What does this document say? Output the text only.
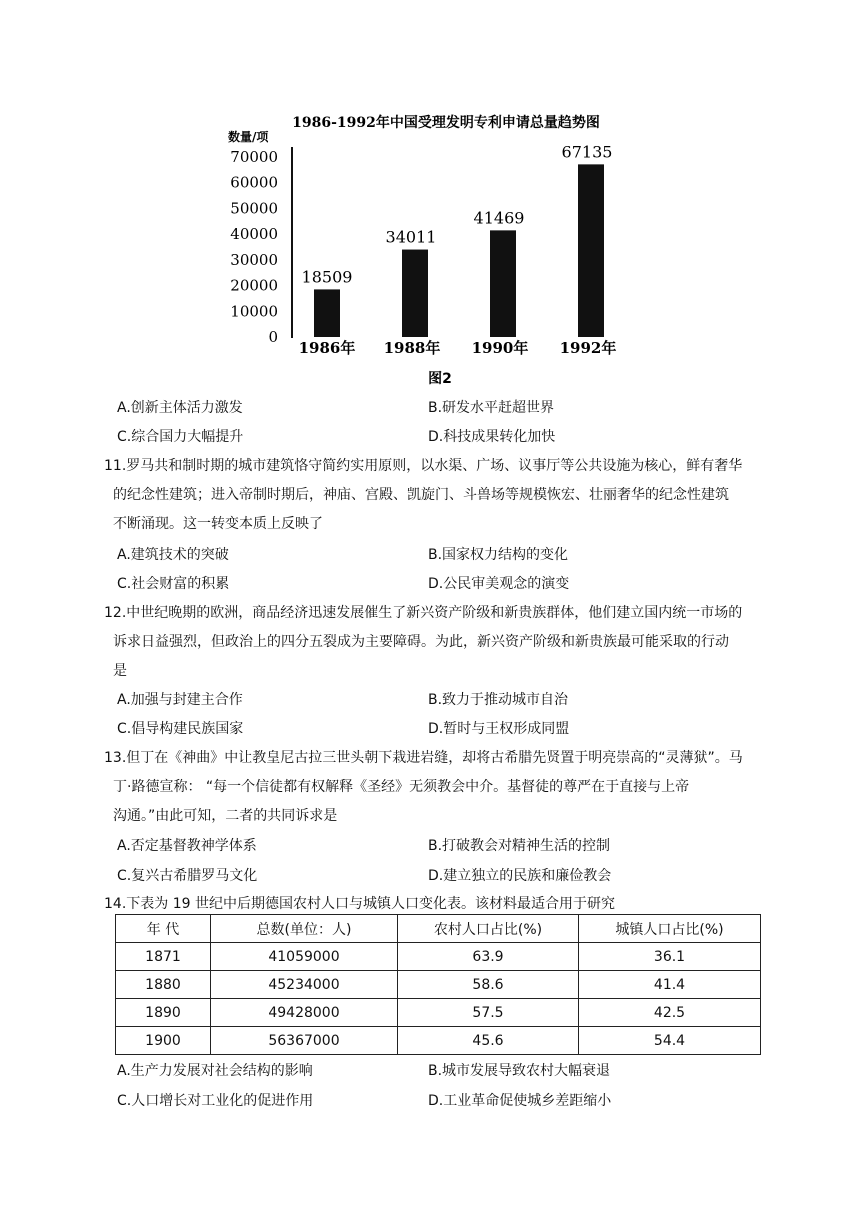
1986-1992年中国受理发明专利申请总量趋势图
数量/项
0
10000
20000
30000
40000
50000
60000
70000
18509
34011
41469
67135
1986年 1988年 1990年 1992年
图2
A.创新主体活力激发	B.研发水平赶超世界
C.综合国力大幅提升	D.科技成果转化加快
11.罗马共和制时期的城市建筑恪守简约实用原则，以水渠、广场、议事厅等公共设施为核心，鲜有奢华
的纪念性建筑；进入帝制时期后，神庙、宫殿、凯旋门、斗兽场等规模恢宏、壮丽奢华的纪念性建筑
不断涌现。这一转变本质上反映了
A.建筑技术的突破	B.国家权力结构的变化
C.社会财富的积累	D.公民审美观念的演变
12.中世纪晚期的欧洲，商品经济迅速发展催生了新兴资产阶级和新贵族群体，他们建立国内统一市场的
诉求日益强烈，但政治上的四分五裂成为主要障碍。为此，新兴资产阶级和新贵族最可能采取的行动
是
A.加强与封建主合作	B.致力于推动城市自治
C.倡导构建民族国家	D.暂时与王权形成同盟
13.但丁在《神曲》中让教皇尼古拉三世头朝下栽进岩缝，却将古希腊先贤置于明亮崇高的“灵薄狱”。马
丁·路德宣称： “每一个信徒都有权解释《圣经》无须教会中介。基督徒的尊严在于直接与上帝
沟通。”由此可知，二者的共同诉求是
A.否定基督教神学体系	B.打破教会对精神生活的控制
C.复兴古希腊罗马文化	D.建立独立的民族和廉俭教会
14.下表为 19 世纪中后期德国农村人口与城镇人口变化表。该材料最适合用于研究
年 代	总数(单位：人)	农村人口占比(%)	城镇人口占比(%)
1871	41059000	63.9	36.1
1880	45234000	58.6	41.4
1890	49428000	57.5	42.5
1900	56367000	45.6	54.4
A.生产力发展对社会结构的影响	B.城市发展导致农村大幅衰退
C.人口增长对工业化的促进作用	D.工业革命促使城乡差距缩小
